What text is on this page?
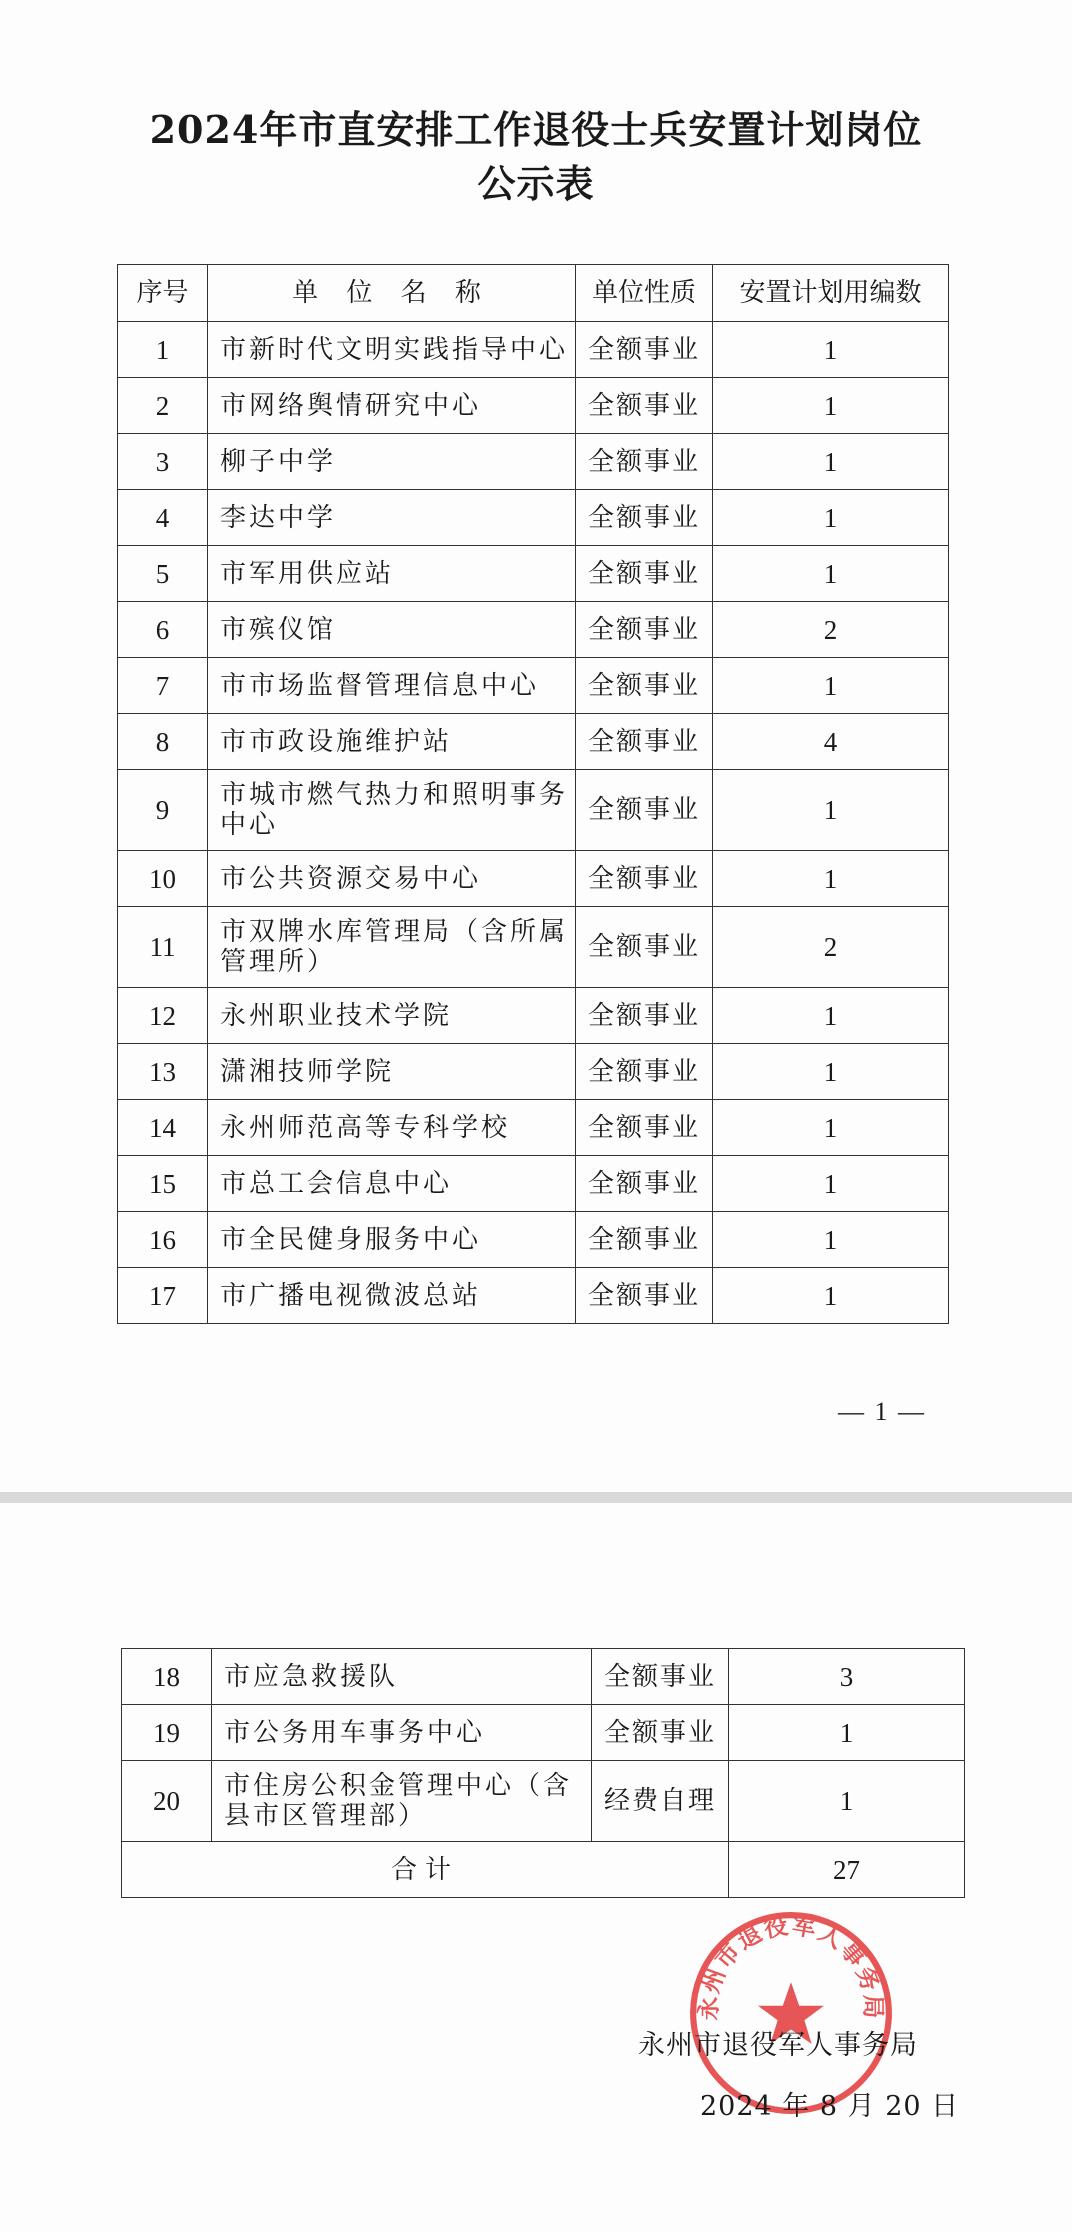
2024年市直安排工作退役士兵安置计划岗位
公示表
序号	单 位 名 称	单位性质	安置计划用编数
1	市新时代文明实践指导中心	全额事业	1
2	市网络舆情研究中心	全额事业	1
3	柳子中学	全额事业	1
4	李达中学	全额事业	1
5	市军用供应站	全额事业	1
6	市殡仪馆	全额事业	2
7	市市场监督管理信息中心	全额事业	1
8	市市政设施维护站	全额事业	4
9	市城市燃气热力和照明事务中心	全额事业	1
10	市公共资源交易中心	全额事业	1
11	市双牌水库管理局（含所属管理所）	全额事业	2
12	永州职业技术学院	全额事业	1
13	潇湘技师学院	全额事业	1
14	永州师范高等专科学校	全额事业	1
15	市总工会信息中心	全额事业	1
16	市全民健身服务中心	全额事业	1
17	市广播电视微波总站	全额事业	1
— 1 —
18	市应急救援队	全额事业	3
19	市公务用车事务中心	全额事业	1
20	市住房公积金管理中心（含县市区管理部）	经费自理	1
合计			27
永州市退役军人事务局
永州市退役军人事务局
2024 年 8 月 20 日
